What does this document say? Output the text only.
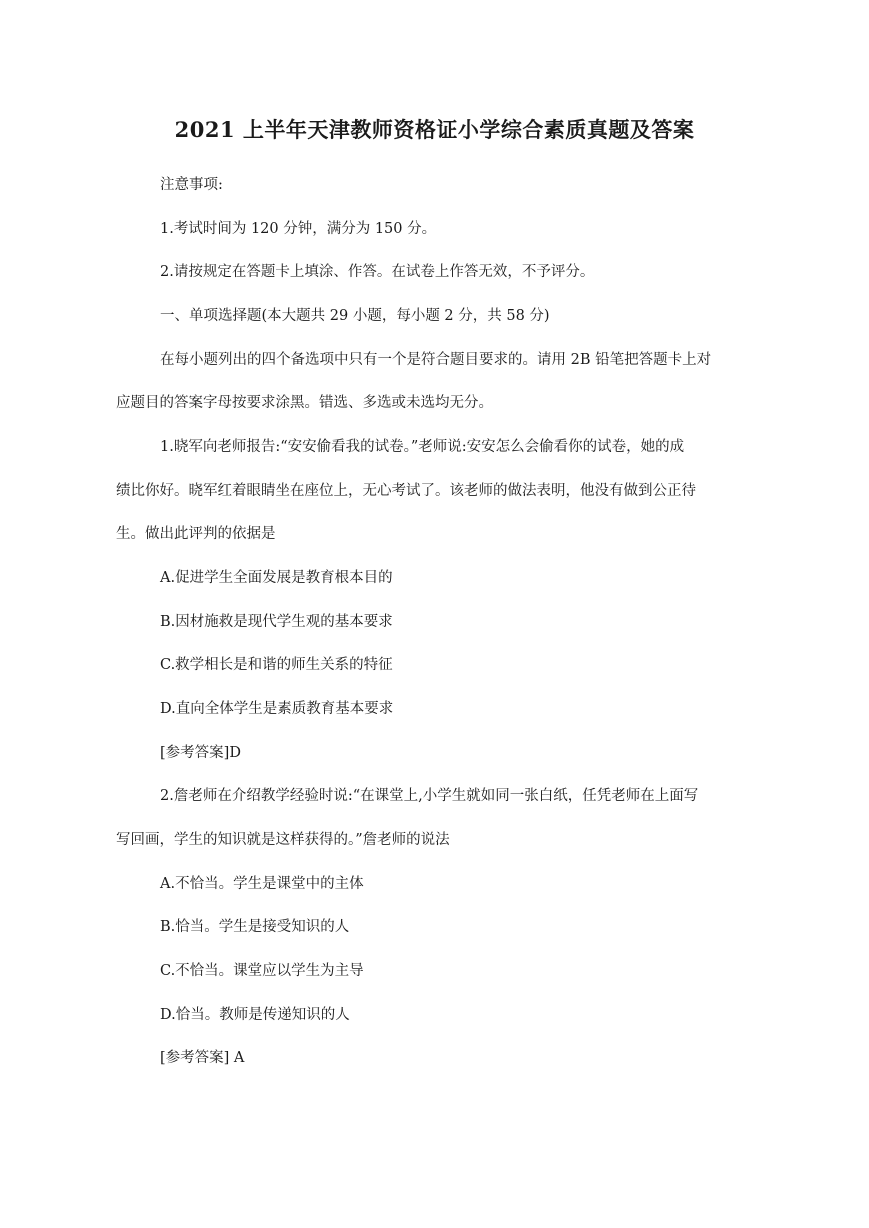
2021 上半年天津教师资格证小学综合素质真题及答案
注意事项:
1.考试时间为 120 分钟，满分为 150 分。
2.请按规定在答题卡上填涂、作答。在试卷上作答无效，不予评分。
一、单项选择题(本大题共 29 小题，每小题 2 分，共 58 分)
在每小题列出的四个备选项中只有一个是符合题目要求的。请用 2B 铅笔把答题卡上对
应题目的答案字母按要求涂黑。错选、多选或未选均无分。
1.晓军向老师报告:“安安偷看我的试卷。”老师说:安安怎么会偷看你的试卷，她的成
绩比你好。晓军红着眼睛坐在座位上，无心考试了。该老师的做法表明，他没有做到公正待
生。做出此评判的依据是
A.促进学生全面发展是教育根本目的
B.因材施救是现代学生观的基本要求
C.救学相长是和谐的师生关系的特征
D.直向全体学生是素质教育基本要求
[参考答案]D
2.詹老师在介绍教学经验时说:“在课堂上,小学生就如同一张白纸，任凭老师在上面写
写回画，学生的知识就是这样获得的。”詹老师的说法
A.不恰当。学生是课堂中的主体
B.恰当。学生是接受知识的人
C.不恰当。课堂应以学生为主导
D.恰当。教师是传递知识的人
[参考答案] A
